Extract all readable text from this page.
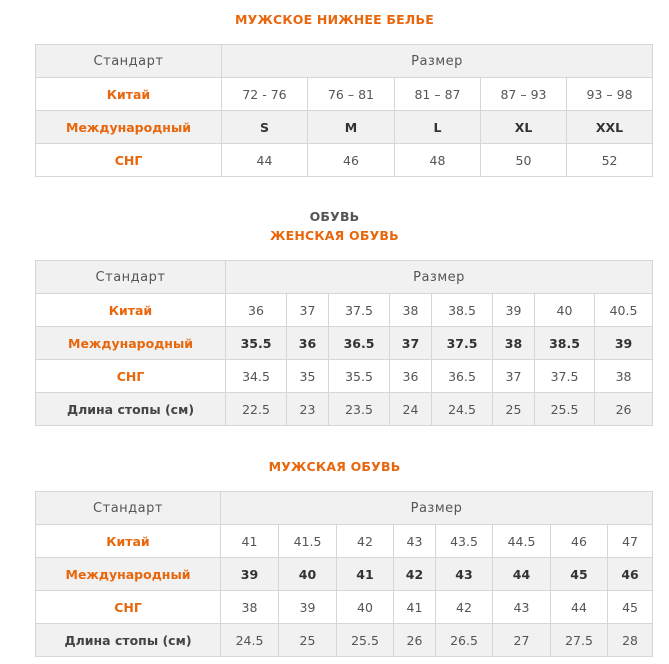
МУЖСКОЕ НИЖНЕЕ БЕЛЬЕ
Стандарт	Размер				
Китай	72 - 76	76 – 81	81 – 87	87 – 93	93 – 98
Международный	S	M	L	XL	XXL
СНГ	44	46	48	50	52
ОБУВЬ
ЖЕНСКАЯ ОБУВЬ
Стандарт	Размер							
Китай	36	37	37.5	38	38.5	39	40	40.5
Международный	35.5	36	36.5	37	37.5	38	38.5	39
СНГ	34.5	35	35.5	36	36.5	37	37.5	38
Длина стопы (см)	22.5	23	23.5	24	24.5	25	25.5	26
МУЖСКАЯ ОБУВЬ
Стандарт	Размер							
Китай	41	41.5	42	43	43.5	44.5	46	47
Международный	39	40	41	42	43	44	45	46
СНГ	38	39	40	41	42	43	44	45
Длина стопы (см)	24.5	25	25.5	26	26.5	27	27.5	28
